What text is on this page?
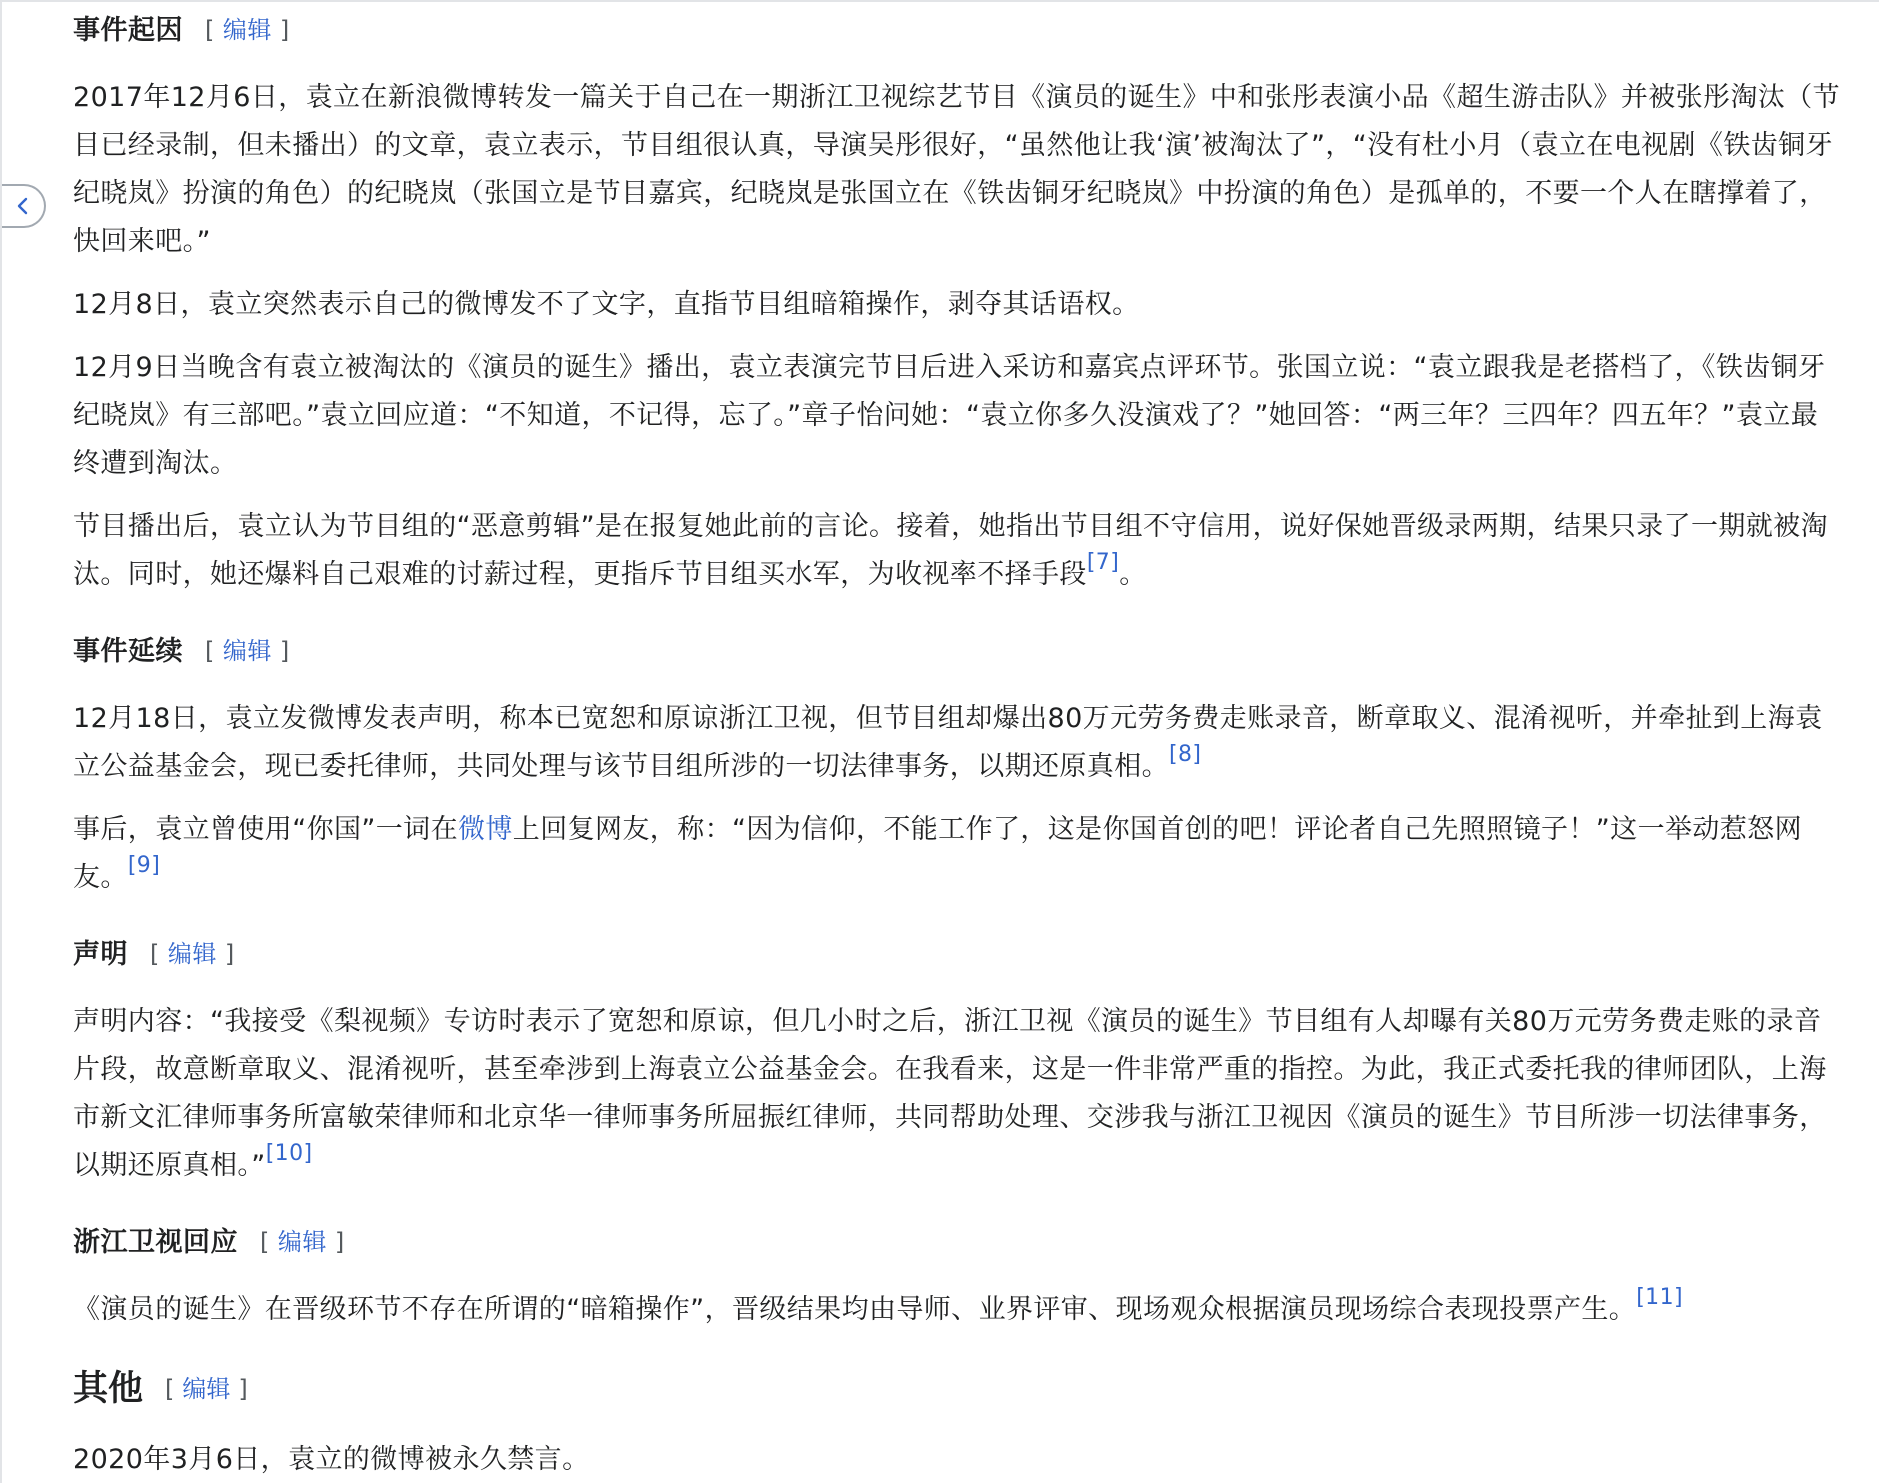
事件起因 [ 编辑 ]

2017年12月6日，袁立在新浪微博转发一篇关于自己在一期浙江卫视综艺节目《演员的诞生》中和张彤表演小品《超生游击队》并被张彤淘汰（节目已经录制，但未播出）的文章，袁立表示，节目组很认真，导演吴彤很好，“虽然他让我‘演’被淘汰了”，“没有杜小月（袁立在电视剧《铁齿铜牙纪晓岚》扮演的角色）的纪晓岚（张国立是节目嘉宾，纪晓岚是张国立在《铁齿铜牙纪晓岚》中扮演的角色）是孤单的，不要一个人在瞎撑着了，快回来吧。”

12月8日，袁立突然表示自己的微博发不了文字，直指节目组暗箱操作，剥夺其话语权。

12月9日当晚含有袁立被淘汰的《演员的诞生》播出，袁立表演完节目后进入采访和嘉宾点评环节。张国立说：“袁立跟我是老搭档了，《铁齿铜牙纪晓岚》有三部吧。”袁立回应道：“不知道，不记得，忘了。”章子怡问她：“袁立你多久没演戏了？”她回答：“两三年？三四年？四五年？”袁立最终遭到淘汰。

节目播出后，袁立认为节目组的“恶意剪辑”是在报复她此前的言论。接着，她指出节目组不守信用，说好保她晋级录两期，结果只录了一期就被淘汰。同时，她还爆料自己艰难的讨薪过程，更指斥节目组买水军，为收视率不择手段[7]。

事件延续 [ 编辑 ]

12月18日，袁立发微博发表声明，称本已宽恕和原谅浙江卫视，但节目组却爆出80万元劳务费走账录音，断章取义、混淆视听，并牵扯到上海袁立公益基金会，现已委托律师，共同处理与该节目组所涉的一切法律事务，以期还原真相。[8]

事后，袁立曾使用“你国”一词在微博上回复网友，称：“因为信仰，不能工作了，这是你国首创的吧！评论者自己先照照镜子！”这一举动惹怒网友。[9]

声明 [ 编辑 ]

声明内容：“我接受《梨视频》专访时表示了宽恕和原谅，但几小时之后，浙江卫视《演员的诞生》节目组有人却曝有关80万元劳务费走账的录音片段，故意断章取义、混淆视听，甚至牵涉到上海袁立公益基金会。在我看来，这是一件非常严重的指控。为此，我正式委托我的律师团队，上海市新文汇律师事务所富敏荣律师和北京华一律师事务所屈振红律师，共同帮助处理、交涉我与浙江卫视因《演员的诞生》节目所涉一切法律事务，以期还原真相。”[10]

浙江卫视回应 [ 编辑 ]

《演员的诞生》在晋级环节不存在所谓的“暗箱操作”，晋级结果均由导师、业界评审、现场观众根据演员现场综合表现投票产生。[11]

其他 [ 编辑 ]

2020年3月6日，袁立的微博被永久禁言。
